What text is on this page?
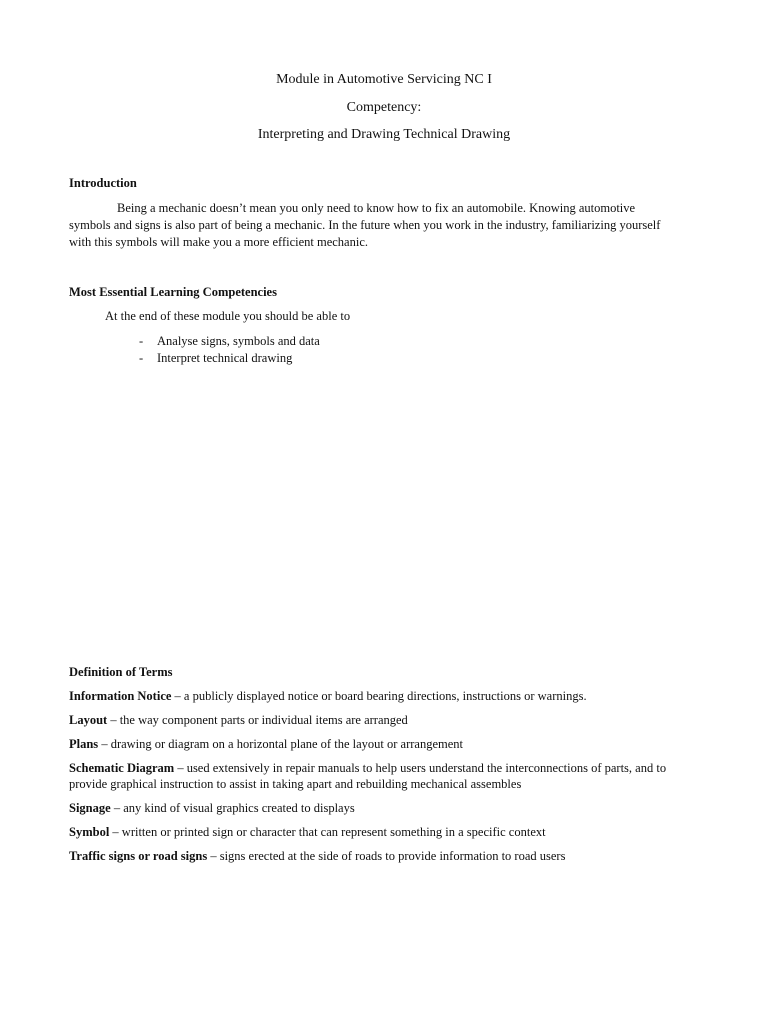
Module in Automotive Servicing NC I
Competency:
Interpreting and Drawing Technical Drawing
Introduction

Being a mechanic doesn’t mean you only need to know how to fix an automobile. Knowing automotive symbols and signs is also part of being a mechanic. In the future when you work in the industry, familiarizing yourself with this symbols will make you a more efficient mechanic.

Most Essential Learning Competencies
At the end of these module you should be able to
-	Analyse signs, symbols and data
-	Interpret technical drawing
Definition of Terms

Information Notice – a publicly displayed notice or board bearing directions, instructions or warnings.

Layout – the way component parts or individual items are arranged

Plans – drawing or diagram on a horizontal plane of the layout or arrangement

Schematic Diagram – used extensively in repair manuals to help users understand the interconnections of parts, and to provide graphical instruction to assist in taking apart and rebuilding mechanical assembles

Signage – any kind of visual graphics created to displays

Symbol – written or printed sign or character that can represent something in a specific context

Traffic signs or road signs – signs erected at the side of roads to provide information to road users
